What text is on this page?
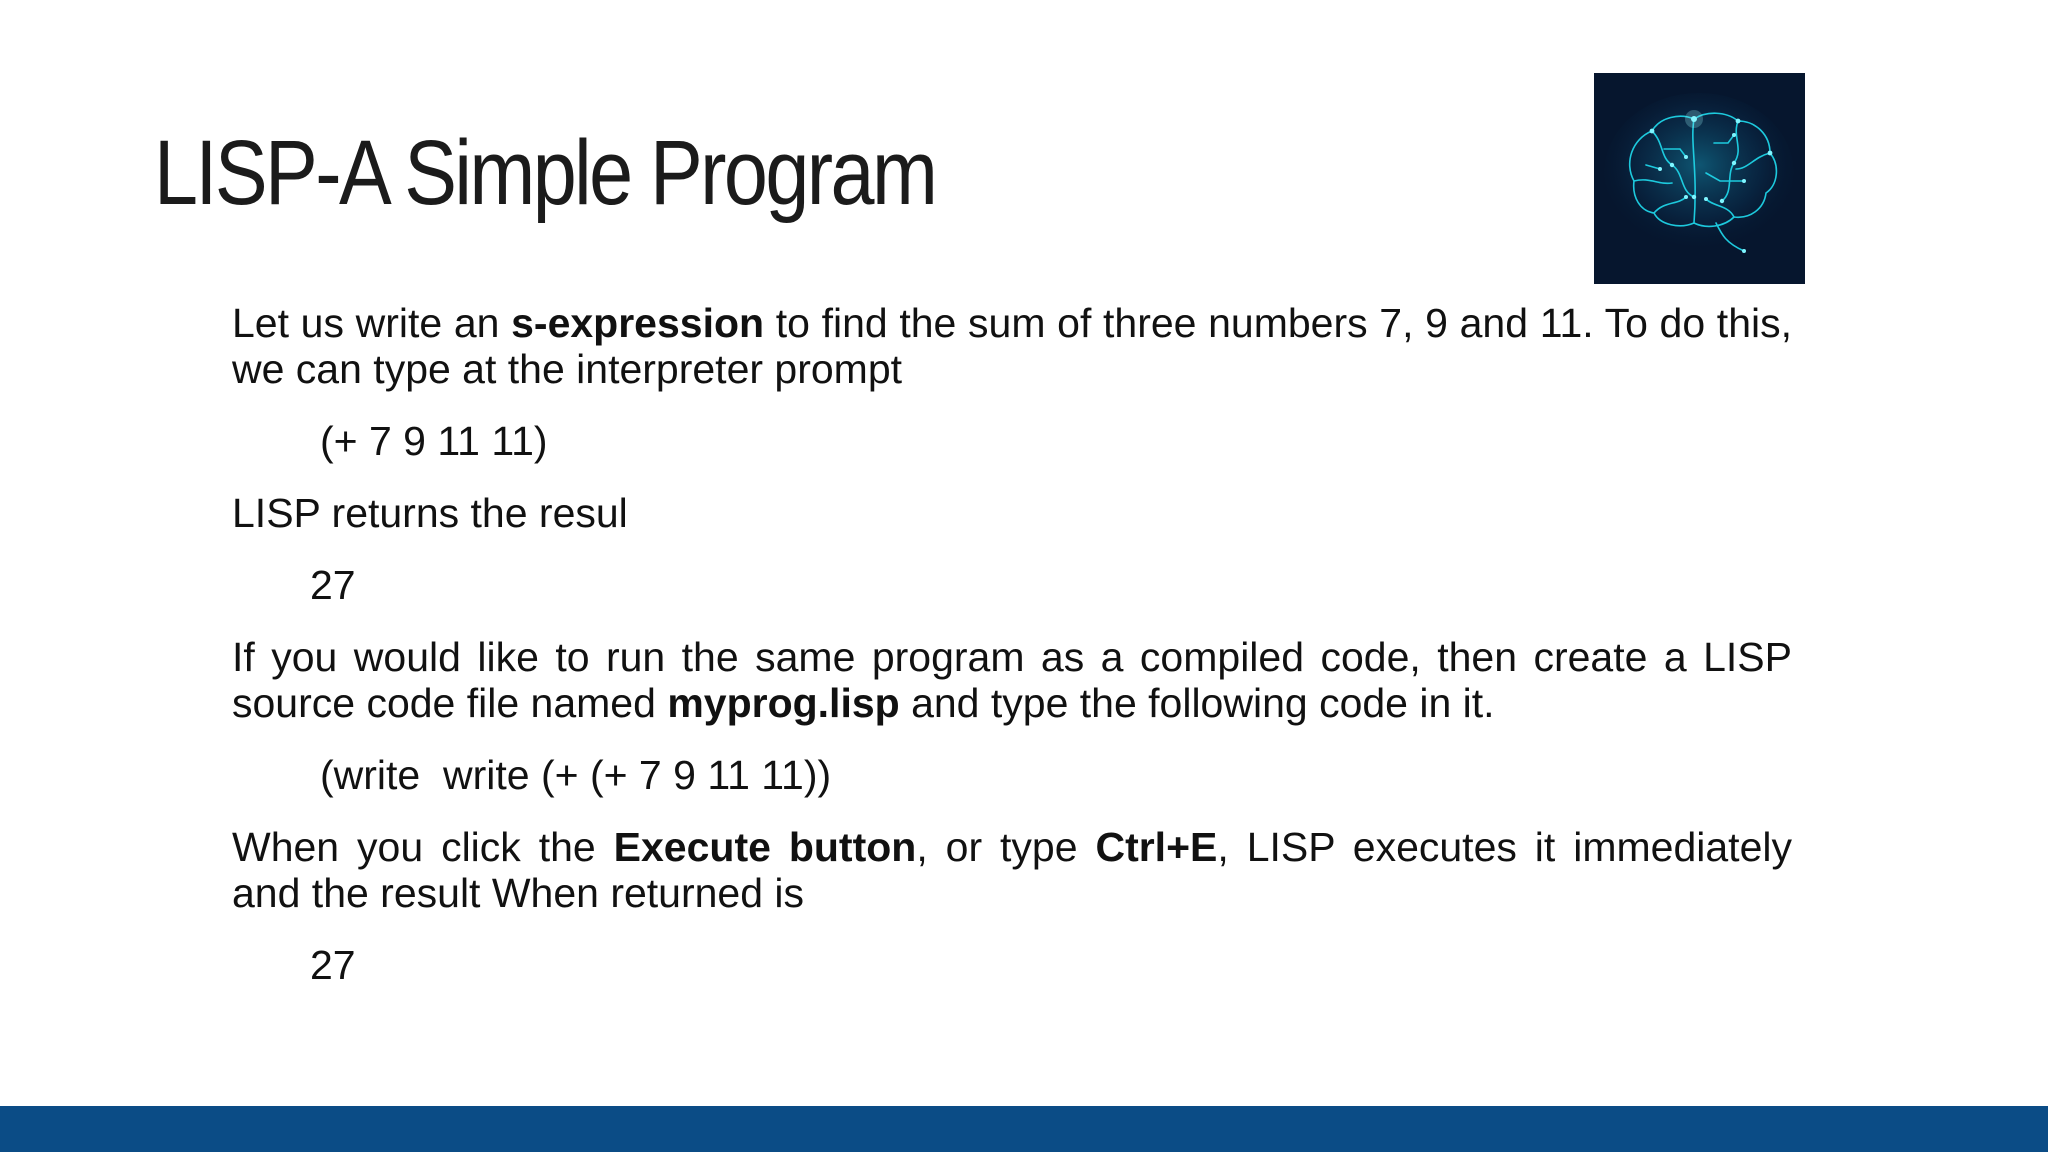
LISP-A Simple Program

Let us write an s-expression to find the sum of three numbers 7, 9 and 11. To do this, we can type at the interpreter prompt

(+ 7 9 11 11)

LISP returns the resul

27

If you would like to run the same program as a compiled code, then create a LISP source code file named myprog.lisp and type the following code in it.

(write  write (+ (+ 7 9 11 11))

When you click the Execute button, or type Ctrl+E, LISP executes it immediately and the result When returned is

27
